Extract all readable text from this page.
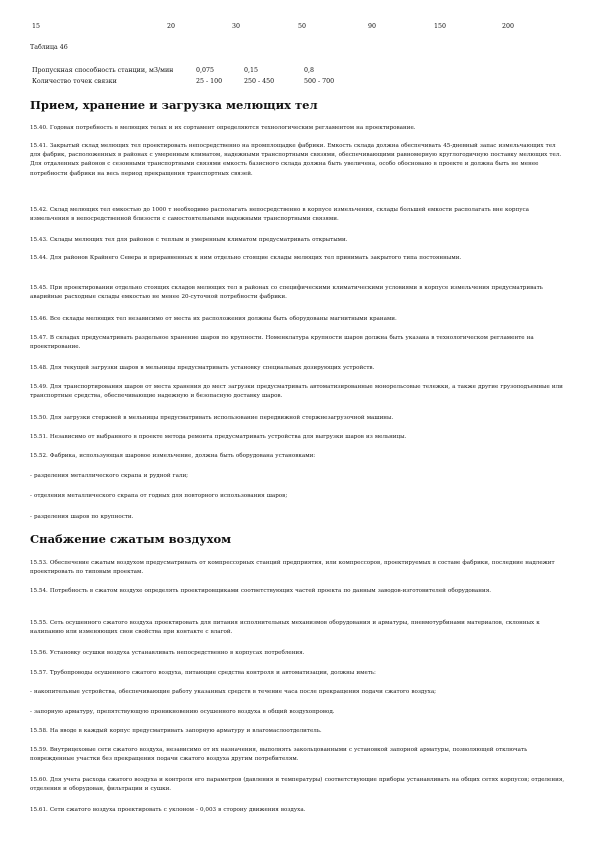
15	20	30	50	90	150	200
Таблица 46
Пропускная способность станции, м3/мин	0,075	0,15	0,8
Количество точек связки	25 - 100	250 - 450	500 - 700
Прием, хранение и загрузка мелющих тел

15.40. Годовая потребность в мелющих телах и их сортамент определяются технологическим регламентом на проектирование.

15.41. Закрытый склад мелющих тел проектировать непосредственно на промплощадке фабрики. Емкость склада должна обеспечивать 45-дневный запас измельчающих тел для фабрик, расположенных в районах с умеренным климатом, надежными транспортными связями, обеспечивающими равномерную круглогодичную поставку мелющих тел. Для отдаленных районов с сезонными транспортными связями емкость базисного склада должна быть увеличена, особо обосновано в проекте и должна быть не менее потребности фабрики на весь период прекращения транспортных связей.

15.42. Склад мелющих тел емкостью до 1000 т необходимо располагать непосредственно в корпусе измельчения, склады большей емкости располагать вне корпуса измельчения в непосредственной близости с самостоятельными надежными транспортными связями.

15.43. Склады мелющих тел для районов с теплым и умеренным климатом предусматривать открытыми.

15.44. Для районов Крайнего Севера и приравненных к ним отдельно стоящие склады мелющих тел принимать закрытого типа постоянными.

15.45. При проектировании отдельно стоящих складов мелющих тел в районах со специфическими климатическими условиями в корпусе измельчения предусматривать аварийные расходные склады емкостью не менее 20-суточной потребности фабрики.

15.46. Все склады мелющих тел независимо от места их расположения должны быть оборудованы магнитными кранами.

15.47. В складах предусматривать раздельное хранение шаров по крупности. Номенклатура крупности шаров должна быть указана в технологическом регламенте на проектирование.

15.48. Для текущей загрузки шаров в мельницы предусматривать установку специальных дозирующих устройств.

15.49. Для транспортирования шаров от места хранения до мест загрузки предусматривать автоматизированные монорельсовые тележки, а также другие грузоподъемные или транспортные средства, обеспечивающие надежную и безопасную доставку шаров.

15.50. Для загрузки стержней в мельницы предусматривать использование передвижной стержнезагрузочной машины.

15.51. Независимо от выбранного в проекте метода ремонта предусматривать устройства для выгрузки шаров из мельницы.

15.52. Фабрика, использующая шаровое измельчение, должна быть оборудована установками:

- разделения металлического скрапа и рудной гали;

- отделения металлического скрапа от годных для повторного использования шаров;

- разделения шаров по крупности.

Снабжение сжатым воздухом

15.53. Обеспечение сжатым воздухом предусматривать от компрессорных станций предприятия, или компрессоров, проектируемых в составе фабрики, последние надлежит проектировать по типовым проектам.

15.54. Потребность в сжатом воздухе определять проектировщиками соответствующих частей проекта по данным заводов-изготовителей оборудования.

15.55. Сеть осушенного сжатого воздуха проектировать для питания исполнительных механизмов оборудования и арматуры, пневмотурбинами материалов, склонных к налипанию или изменяющих свои свойства при контакте с влагой.

15.56. Установку осушки воздуха устанавливать непосредственно в корпусах потребления.

15.57. Трубопроводы осушенного сжатого воздуха, питающие средства контроля и автоматизации, должны иметь:

- накопительные устройства, обеспечивающие работу указанных средств в течение часа после прекращения подачи сжатого воздуха;

- запорную арматуру, препятствующую проникновению осушенного воздуха в общий воздухопровод.

15.58. На вводе в каждый корпус предусматривать запорную арматуру и влагомаслоотделитель.

15.59. Внутрицеховые сети сжатого воздуха, независимо от их назначения, выполнять закольцованными с установкой запорной арматуры, позволяющей отключать поврежденные участки без прекращения подачи сжатого воздуха другим потребителям.

15.60. Для учета расхода сжатого воздуха и контроля его параметров (давления и температуры) соответствующие приборы устанавливать на общих сетях корпусов; отделения, отделения и оборудован, фильтрации и сушки.

15.61. Сети сжатого воздуха проектировать с уклоном - 0,003 в сторону движения воздуха.
